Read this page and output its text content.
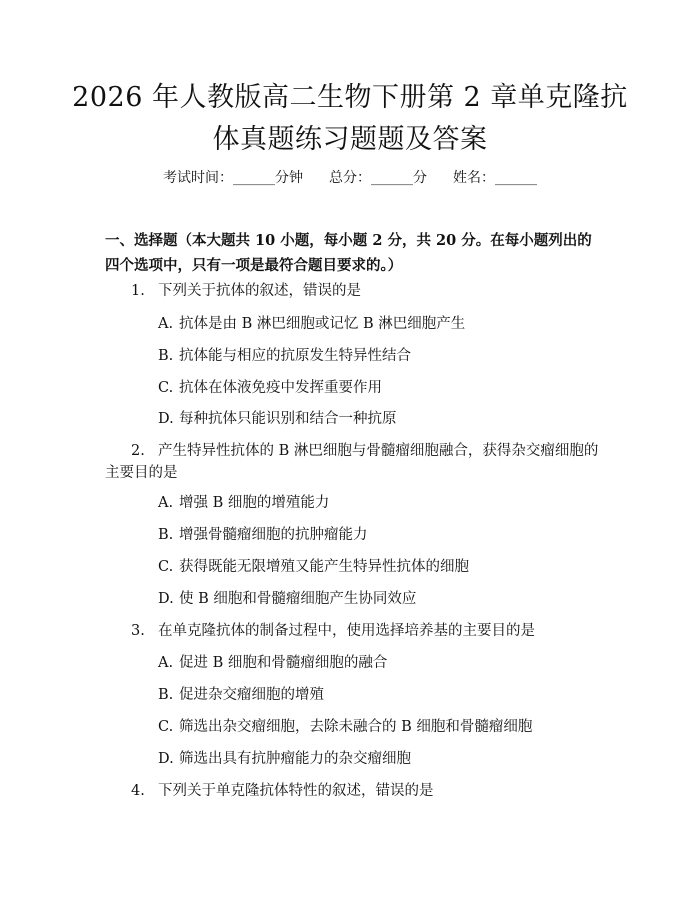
2026 年人教版高二生物下册第 2 章单克隆抗
体真题练习题题及答案
考试时间：______分钟 总分：______分 姓名：______
一、选择题（本大题共 10 小题，每小题 2 分，共 20 分。在每小题列出的四个选项中，只有一项是最符合题目要求的。）
1. 下列关于抗体的叙述，错误的是
A. 抗体是由 B 淋巴细胞或记忆 B 淋巴细胞产生
B. 抗体能与相应的抗原发生特异性结合
C. 抗体在体液免疫中发挥重要作用
D. 每种抗体只能识别和结合一种抗原
2. 产生特异性抗体的 B 淋巴细胞与骨髓瘤细胞融合，获得杂交瘤细胞的主要目的是
A. 增强 B 细胞的增殖能力
B. 增强骨髓瘤细胞的抗肿瘤能力
C. 获得既能无限增殖又能产生特异性抗体的细胞
D. 使 B 细胞和骨髓瘤细胞产生协同效应
3. 在单克隆抗体的制备过程中，使用选择培养基的主要目的是
A. 促进 B 细胞和骨髓瘤细胞的融合
B. 促进杂交瘤细胞的增殖
C. 筛选出杂交瘤细胞，去除未融合的 B 细胞和骨髓瘤细胞
D. 筛选出具有抗肿瘤能力的杂交瘤细胞
4. 下列关于单克隆抗体特性的叙述，错误的是
